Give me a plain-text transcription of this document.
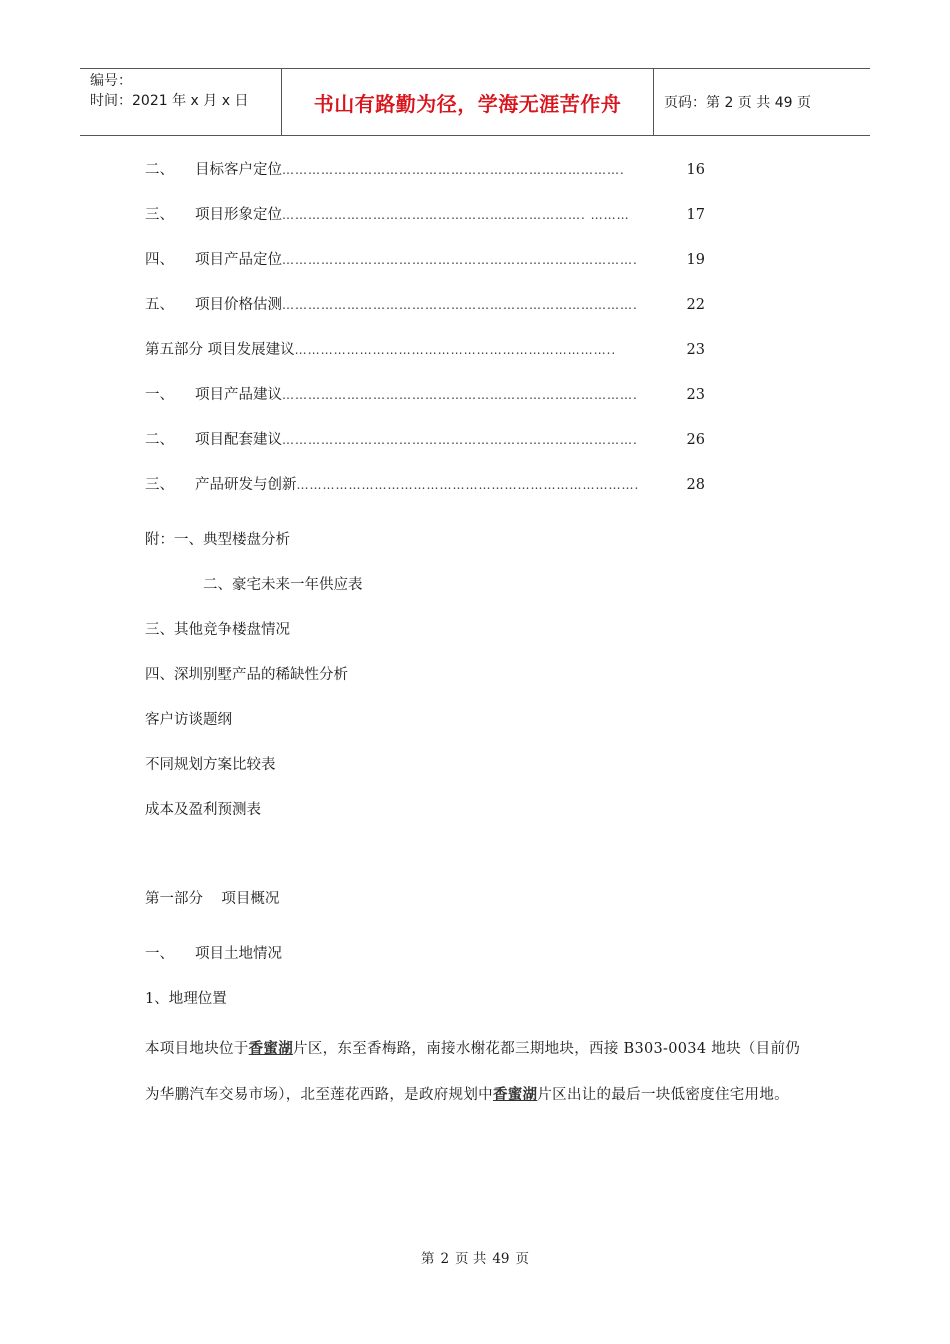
编号：
时间：2021 年 x 月 x 日	书山有路勤为径，学海无涯苦作舟	页码：第 2 页 共 49 页
二、	目标客户定位 …………………………………………………………………….	16
三、	项目形象定位 ……………………………………………………………. ………	17
四、	项目产品定位 ……………………………………………………………………….	19
五、	项目价格估测 ……………………………………………………………………….	22
第五部分 项目发展建议 ………………………………………………………………..	23
一、	项目产品建议 ……………………………………………………………………….	23
二、	项目配套建议 ……………………………………………………………………….	26
三、	产品研发与创新 …………………………………………………………………….	28
附：一、典型楼盘分析
二、豪宅未来一年供应表
三、其他竞争楼盘情况
四、深圳别墅产品的稀缺性分析
客户访谈题纲
不同规划方案比较表
成本及盈利预测表
第一部分    项目概况
一、 项目土地情况
1、地理位置
本项目地块位于香蜜湖片区，东至香梅路，南接水榭花都三期地块，西接 B303-0034 地块（目前仍为华鹏汽车交易市场），北至莲花西路，是政府规划中香蜜湖片区出让的最后一块低密度住宅用地。
第 2 页 共 49 页
